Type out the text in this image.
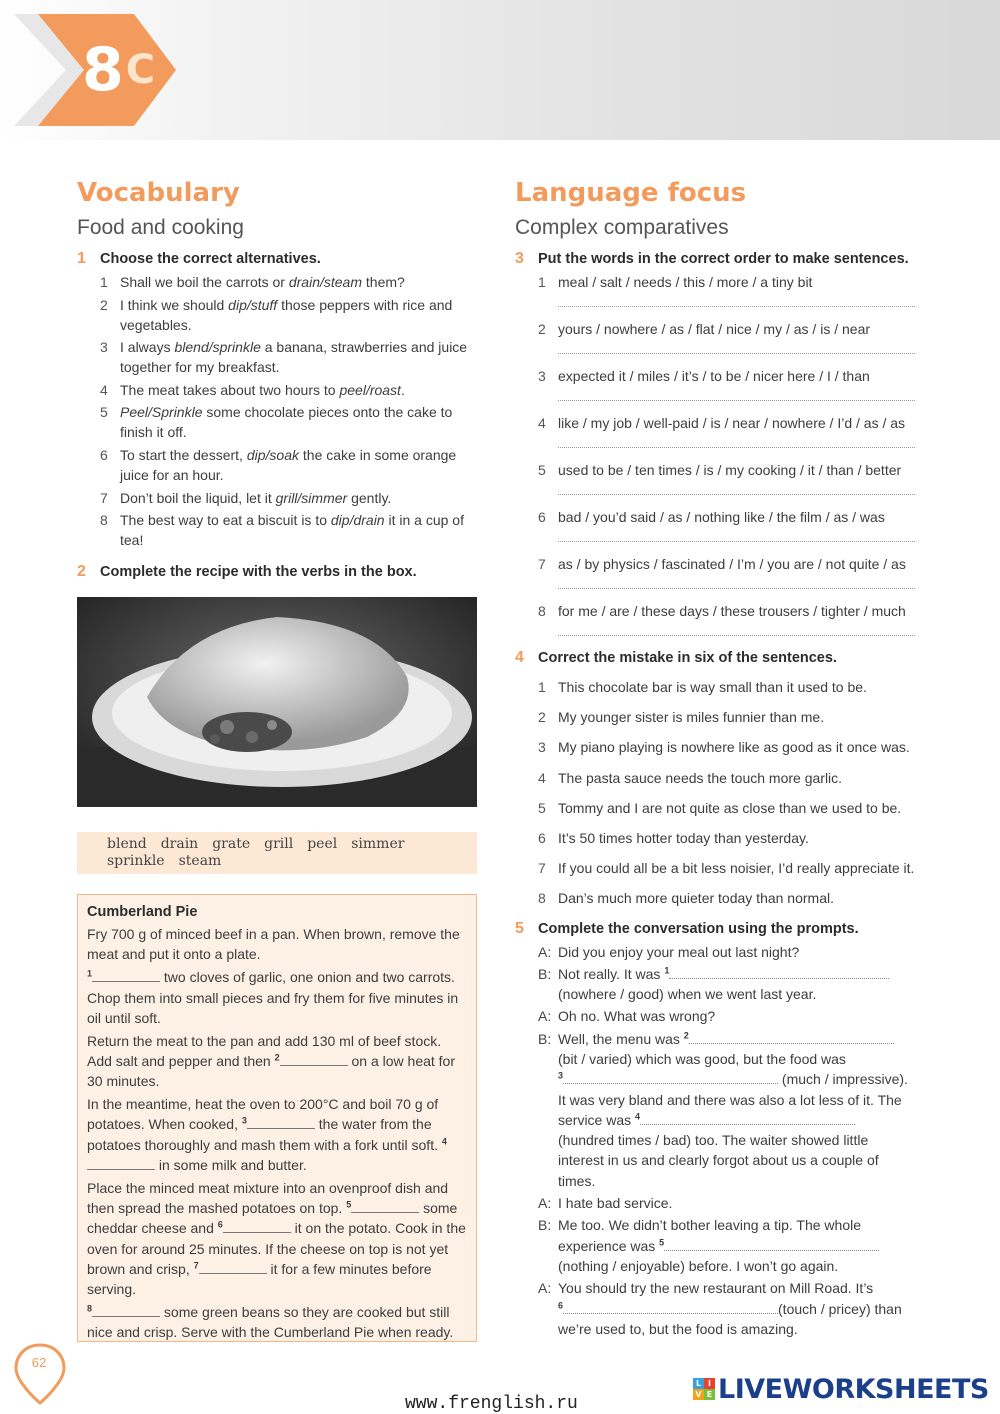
8C
Vocabulary
Food and cooking
1 Choose the correct alternatives.
1 Shall we boil the carrots or drain/steam them?
2 I think we should dip/stuff those peppers with rice and vegetables.
3 I always blend/sprinkle a banana, strawberries and juice together for my breakfast.
4 The meat takes about two hours to peel/roast.
5 Peel/Sprinkle some chocolate pieces onto the cake to finish it off.
6 To start the dessert, dip/soak the cake in some orange juice for an hour.
7 Don’t boil the liquid, let it grill/simmer gently.
8 The best way to eat a biscuit is to dip/drain it in a cup of tea!
2 Complete the recipe with the verbs in the box.
blend drain grate grill peel simmer
sprinkle steam
Cumberland Pie

Fry 700 g of minced beef in a pan. When brown, remove the meat and put it onto a plate.

$^1$	two cloves of garlic, one onion and two carrots. Chop them into small pieces and fry them for five minutes in oil until soft.

Return the meat to the pan and add 130 ml of beef stock. Add salt and pepper and then $^2$	on a low heat for 30 minutes.

In the meantime, heat the oven to 200°C and boil 70 g of potatoes. When cooked, $^3$	the water from the potatoes thoroughly and mash them with a fork until soft. $^4$ in some milk and butter.

Place the minced meat mixture into an ovenproof dish and then spread the mashed potatoes on top. $^5$	some cheddar cheese and $^6$	it on the potato. Cook in the oven for around 25 minutes. If the cheese on top is not yet brown and crisp, $^7$	it for a few minutes before serving.

$^8$	some green beans so they are cooked but still nice and crisp. Serve with the Cumberland Pie when ready.

Language focus
Complex comparatives
3 Put the words in the correct order to make sentences.
1 meal / salt / needs / this / more / a tiny bit
2 yours / nowhere / as / flat / nice / my / as / is / near
3 expected it / miles / it’s / to be / nicer here / I / than
4 like / my job / well-paid / is / near / nowhere / I’d / as / as
5 used to be / ten times / is / my cooking / it / than / better
6 bad / you’d said / as / nothing like / the film / as / was
7 as / by physics / fascinated / I’m / you are / not quite / as
8 for me / are / these days / these trousers / tighter / much
4 Correct the mistake in six of the sentences.
1 This chocolate bar is way small than it used to be.
2 My younger sister is miles funnier than me.
3 My piano playing is nowhere like as good as it once was.
4 The pasta sauce needs the touch more garlic.
5 Tommy and I are not quite as close than we used to be.
6 It’s 50 times hotter today than yesterday.
7 If you could all be a bit less noisier, I’d really appreciate it.
8 Dan’s much more quieter today than normal.
5 Complete the conversation using the prompts.
A: Did you enjoy your meal out last night?
B: Not really. It was $^1$
(nowhere / good) when we went last year.
A: Oh no. What was wrong?
B: Well, the menu was $^2$
(bit / varied) which was good, but the food was
$^3$	(much / impressive). It was very bland and there was also a lot less of it. The service was $^4$
(hundred times / bad) too. The waiter showed little interest in us and clearly forgot about us a couple of times.
A: I hate bad service.
B: Me too. We didn’t bother leaving a tip. The whole experience was $^5$
(nothing / enjoyable) before. I won’t go again.
A: You should try the new restaurant on Mill Road. It’s
$^6$	(touch / pricey) than we’re used to, but the food is amazing.
62
www.frenglish.ru
L I
V E LIVEWORKSHEETS
